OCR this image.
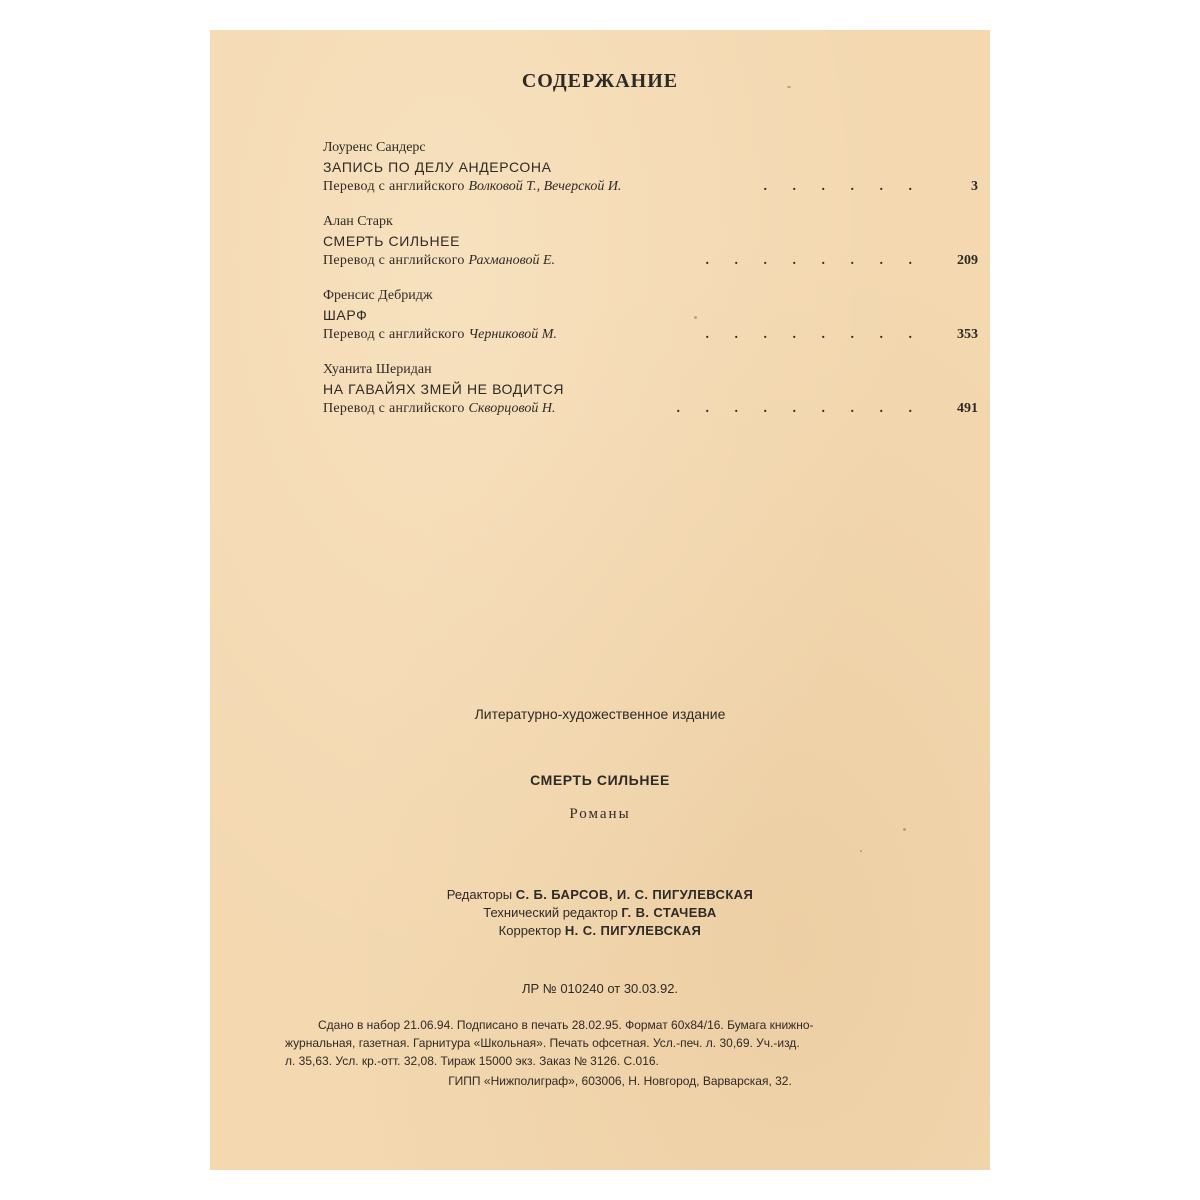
СОДЕРЖАНИЕ
Лоуренс Сандерс
ЗАПИСЬ ПО ДЕЛУ АНДЕРСОНА
Перевод с английского Волковой Т., Вечерской И.	. . . . . .	3
Алан Старк
СМЕРТЬ СИЛЬНЕЕ
Перевод с английского Рахмановой Е.	. . . . . . . . 209
Френсис Дебридж
ШАРФ
Перевод с английского Черниковой М.	. . . . . . . . 353
Хуанита Шеридан
НА ГАВАЙЯХ ЗМЕЙ НЕ ВОДИТСЯ
Перевод с английского Скворцовой Н.	. . . . . . . . . 491
Литературно-художественное издание
СМЕРТЬ СИЛЬНЕЕ
Романы
Редакторы С. Б. БАРСОВ, И. С. ПИГУЛЕВСКАЯ
Технический редактор Г. В. СТАЧЕВА
Корректор Н. С. ПИГУЛЕВСКАЯ
ЛР № 010240 от 30.03.92.
Сдано в набор 21.06.94. Подписано в печать 28.02.95. Формат 60x84/16. Бумага книжно-
журнальная, газетная. Гарнитура «Школьная». Печать офсетная. Усл.-печ. л. 30,69. Уч.-изд.
л. 35,63. Усл. кр.-отт. 32,08. Тираж 15000 экз. Заказ № 3126. С.016.
ГИПП «Нижполиграф», 603006, Н. Новгород, Варварская, 32.
